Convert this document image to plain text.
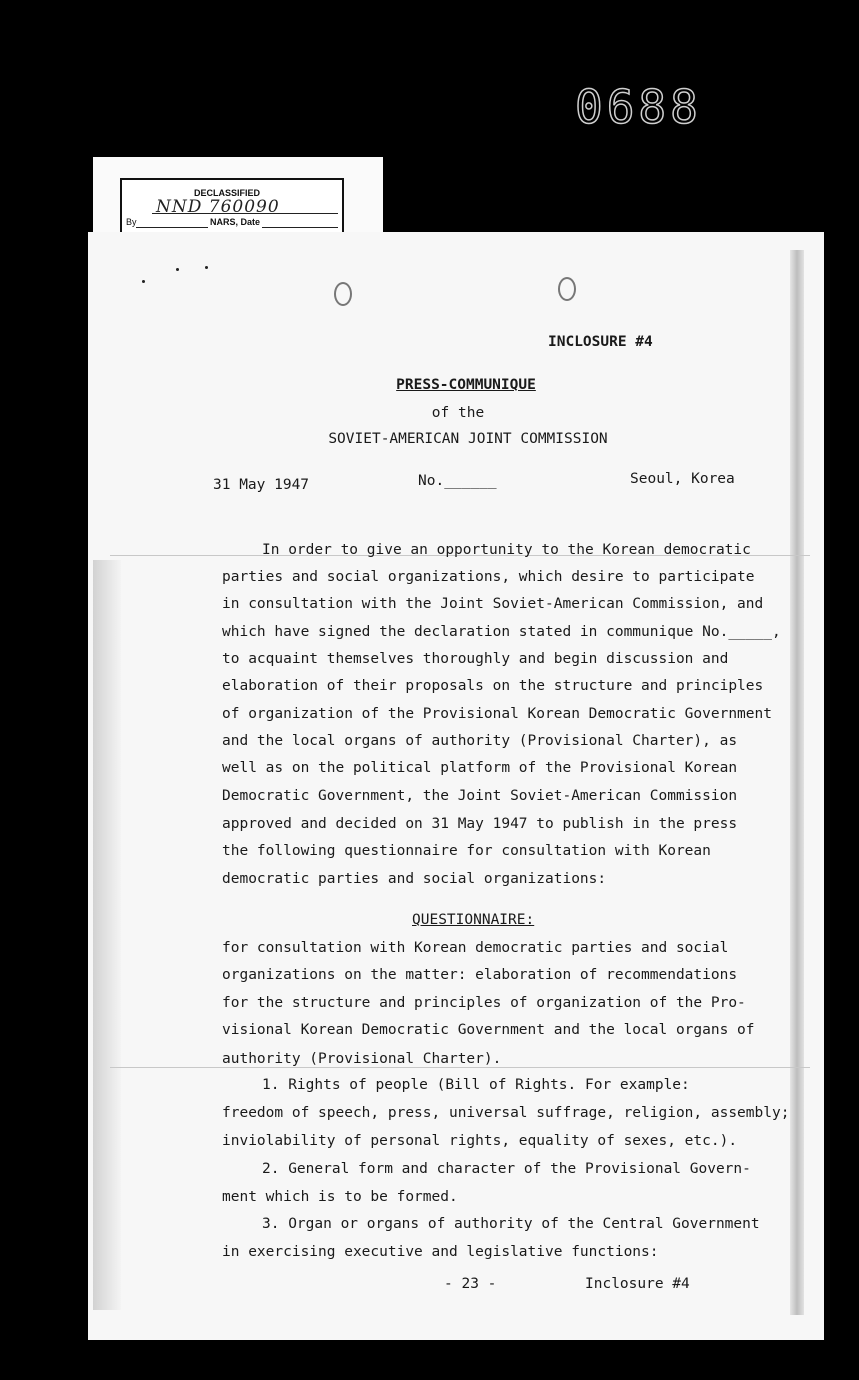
0688
DECLASSIFIED
NND 760090
By	NARS, Date
INCLOSURE #4
PRESS-COMMUNIQUE
of the
SOVIET-AMERICAN JOINT COMMISSION
31 May 1947	No.______	Seoul, Korea
In order to give an opportunity to the Korean democratic
parties and social organizations, which desire to participate
in consultation with the Joint Soviet-American Commission, and
which have signed the declaration stated in communique No._____,
to acquaint themselves thoroughly and begin discussion and
elaboration of their proposals on the structure and principles
of organization of the Provisional Korean Democratic Government
and the local organs of authority (Provisional Charter), as
well as on the political platform of the Provisional Korean
Democratic Government, the Joint Soviet-American Commission
approved and decided on 31 May 1947 to publish in the press
the following questionnaire for consultation with Korean
democratic parties and social organizations:
QUESTIONNAIRE:
for consultation with Korean democratic parties and social
organizations on the matter: elaboration of recommendations
for the structure and principles of organization of the Pro-
visional Korean Democratic Government and the local organs of
authority (Provisional Charter).
1. Rights of people (Bill of Rights. For example:
freedom of speech, press, universal suffrage, religion, assembly;
inviolability of personal rights, equality of sexes, etc.).
2. General form and character of the Provisional Govern-
ment which is to be formed.
3. Organ or organs of authority of the Central Government
in exercising executive and legislative functions:
- 23 -	Inclosure #4
